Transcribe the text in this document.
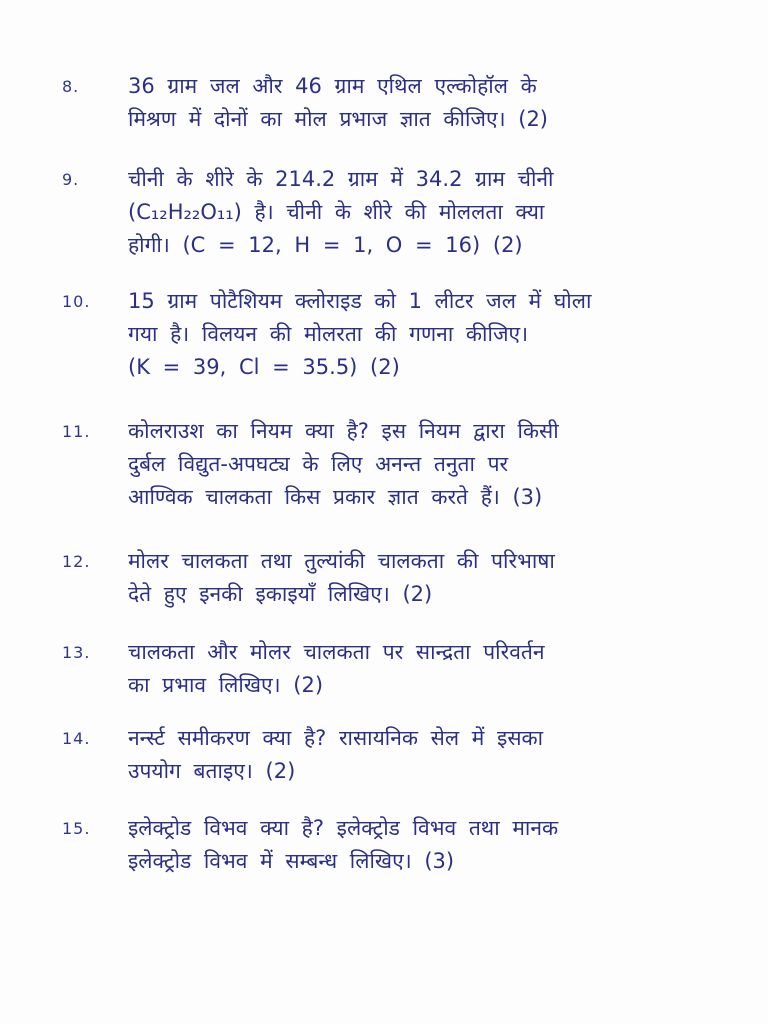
8.	36 ग्राम जल और 46 ग्राम एथिल एल्कोहॉल के
मिश्रण में दोनों का मोल प्रभाज ज्ञात कीजिए। (2)
9.	चीनी के शीरे के 214.2 ग्राम में 34.2 ग्राम चीनी
(C₁₂H₂₂O₁₁) है। चीनी के शीरे की मोललता क्या
होगी। (C = 12, H = 1, O = 16) (2)
10.	15 ग्राम पोटैशियम क्लोराइड को 1 लीटर जल में घोला
गया है। विलयन की मोलरता की गणना कीजिए।
(K = 39, Cl = 35.5) (2)
11.	कोलराउश का नियम क्या है? इस नियम द्वारा किसी
दुर्बल विद्युत-अपघट्य के लिए अनन्त तनुता पर
आण्विक चालकता किस प्रकार ज्ञात करते हैं। (3)
12.	मोलर चालकता तथा तुल्यांकी चालकता की परिभाषा
देते हुए इनकी इकाइयाँ लिखिए। (2)
13.	चालकता और मोलर चालकता पर सान्द्रता परिवर्तन
का प्रभाव लिखिए। (2)
14.	नर्न्स्ट समीकरण क्या है? रासायनिक सेल में इसका
उपयोग बताइए। (2)
15.	इलेक्ट्रोड विभव क्या है? इलेक्ट्रोड विभव तथा मानक
इलेक्ट्रोड विभव में सम्बन्ध लिखिए। (3)
